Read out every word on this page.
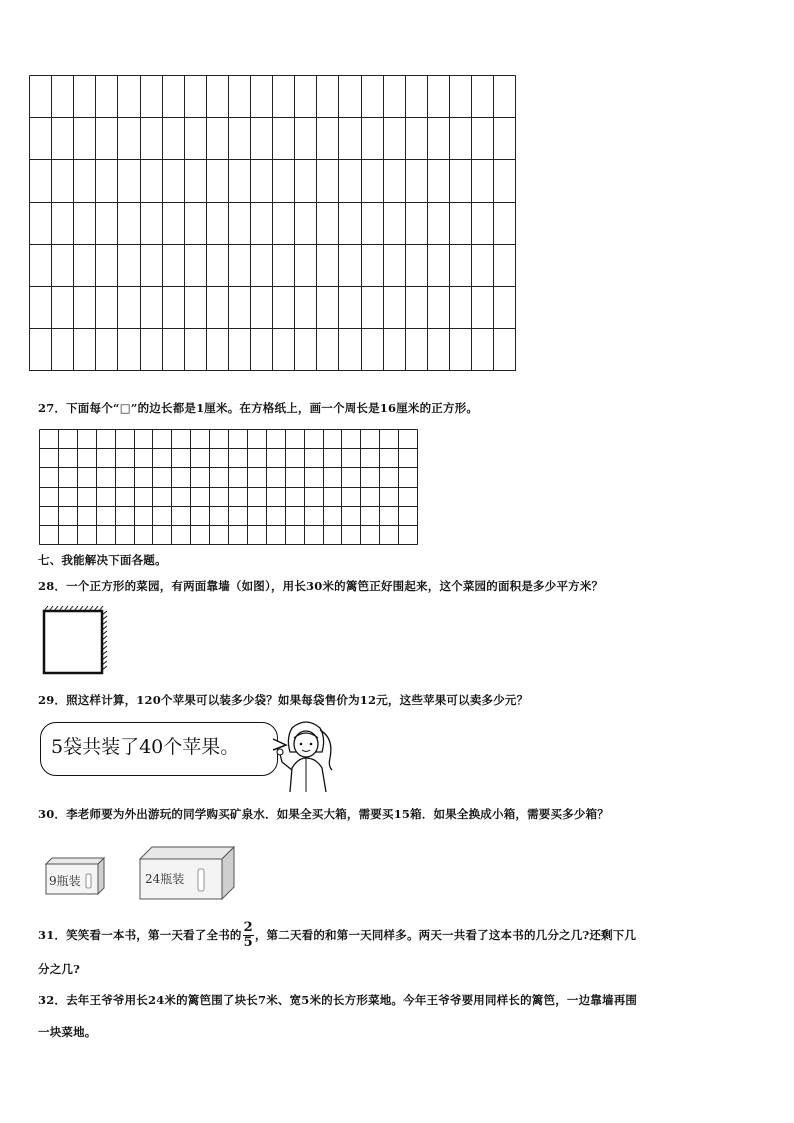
27．下面每个“□”的边长都是1厘米。在方格纸上，画一个周长是16厘米的正方形。
七、我能解决下面各题。
28．一个正方形的菜园，有两面靠墙（如图），用长30米的篱笆正好围起来，这个菜园的面积是多少平方米？
29．照这样计算，120个苹果可以装多少袋？如果每袋售价为12元，这些苹果可以卖多少元？
5袋共装了40个苹果。
30．李老师要为外出游玩的同学购买矿泉水．如果全买大箱，需要买15箱．如果全换成小箱，需要买多少箱？
9瓶装	24瓶装
31． 笑笑看一本书，第一天看了全书的 $\frac{2}{5}$ ，第二天看的和第一天同样多。两天一共看了这本书的几分之几?还剩下几
分之几?
32．去年王爷爷用长24米的篱笆围了块长7米、宽5米的长方形菜地。今年王爷爷要用同样长的篱笆，一边靠墙再围
一块菜地。
